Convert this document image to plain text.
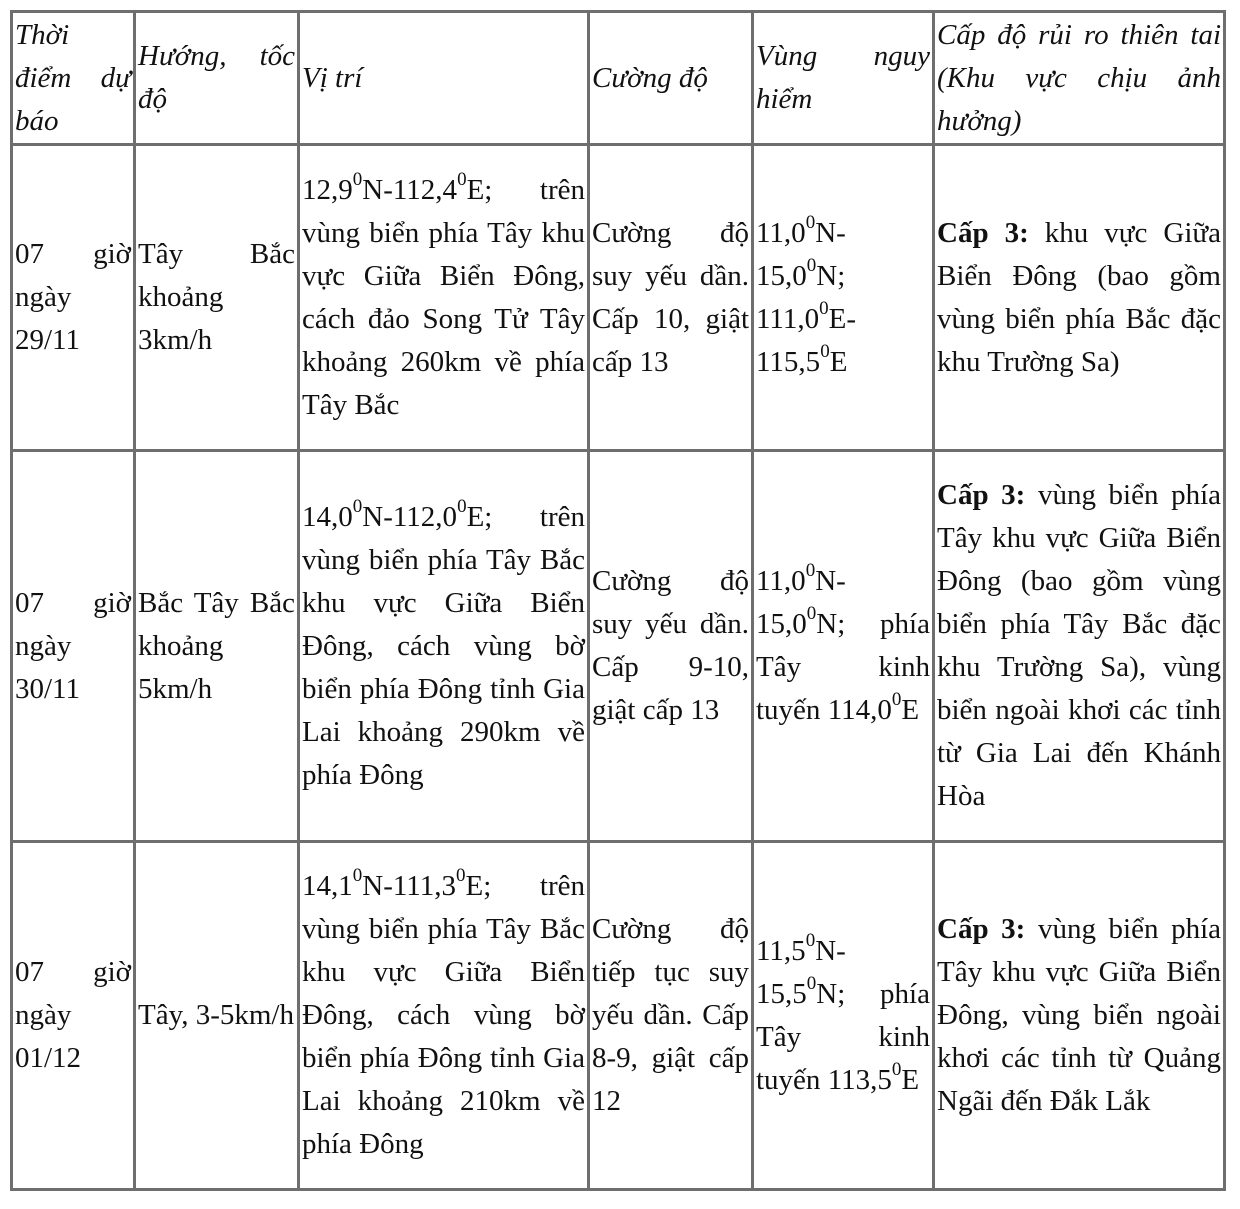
Thời điểm dự báo	Hướng, tốc độ	Vị trí	Cường độ	Vùng nguy hiểm	Cấp độ rủi ro thiên tai (Khu vực chịu ảnh hưởng)
07 giờ ngày 29/11	Tây Bắc khoảng 3km/h	12,9$^0$N-112,4$^0$E; trên vùng biển phía Tây khu vực Giữa Biển Đông, cách đảo Song Tử Tây khoảng 260km về phía Tây Bắc	Cường độ suy yếu dần. Cấp 10, giật cấp 13	11,0$^0$N- 15,0$^0$N; 111,0$^0$E- 115,5$^0$E	Cấp 3: khu vực Giữa Biển Đông (bao gồm vùng biển phía Bắc đặc khu Trường Sa)
07 giờ ngày 30/11	Bắc Tây Bắc khoảng 5km/h	14,0$^0$N-112,0$^0$E; trên vùng biển phía Tây Bắc khu vực Giữa Biển Đông, cách vùng bờ biển phía Đông tỉnh Gia Lai khoảng 290km về phía Đông	Cường độ suy yếu dần. Cấp 9-10, giật cấp 13	11,0$^0$N- 15,0$^0$N; phía Tây kinh tuyến 114,0$^0$E	Cấp 3: vùng biển phía Tây khu vực Giữa Biển Đông (bao gồm vùng biển phía Tây Bắc đặc khu Trường Sa), vùng biển ngoài khơi các tỉnh từ Gia Lai đến Khánh Hòa
07 giờ ngày 01/12	Tây, 3-5km/h	14,1$^0$N-111,3$^0$E; trên vùng biển phía Tây Bắc khu vực Giữa Biển Đông, cách vùng bờ biển phía Đông tỉnh Gia Lai khoảng 210km về phía Đông	Cường độ tiếp tục suy yếu dần. Cấp 8-9, giật cấp 12	11,5$^0$N- 15,5$^0$N; phía Tây kinh tuyến 113,5$^0$E	Cấp 3: vùng biển phía Tây khu vực Giữa Biển Đông, vùng biển ngoài khơi các tỉnh từ Quảng Ngãi đến Đắk Lắk
